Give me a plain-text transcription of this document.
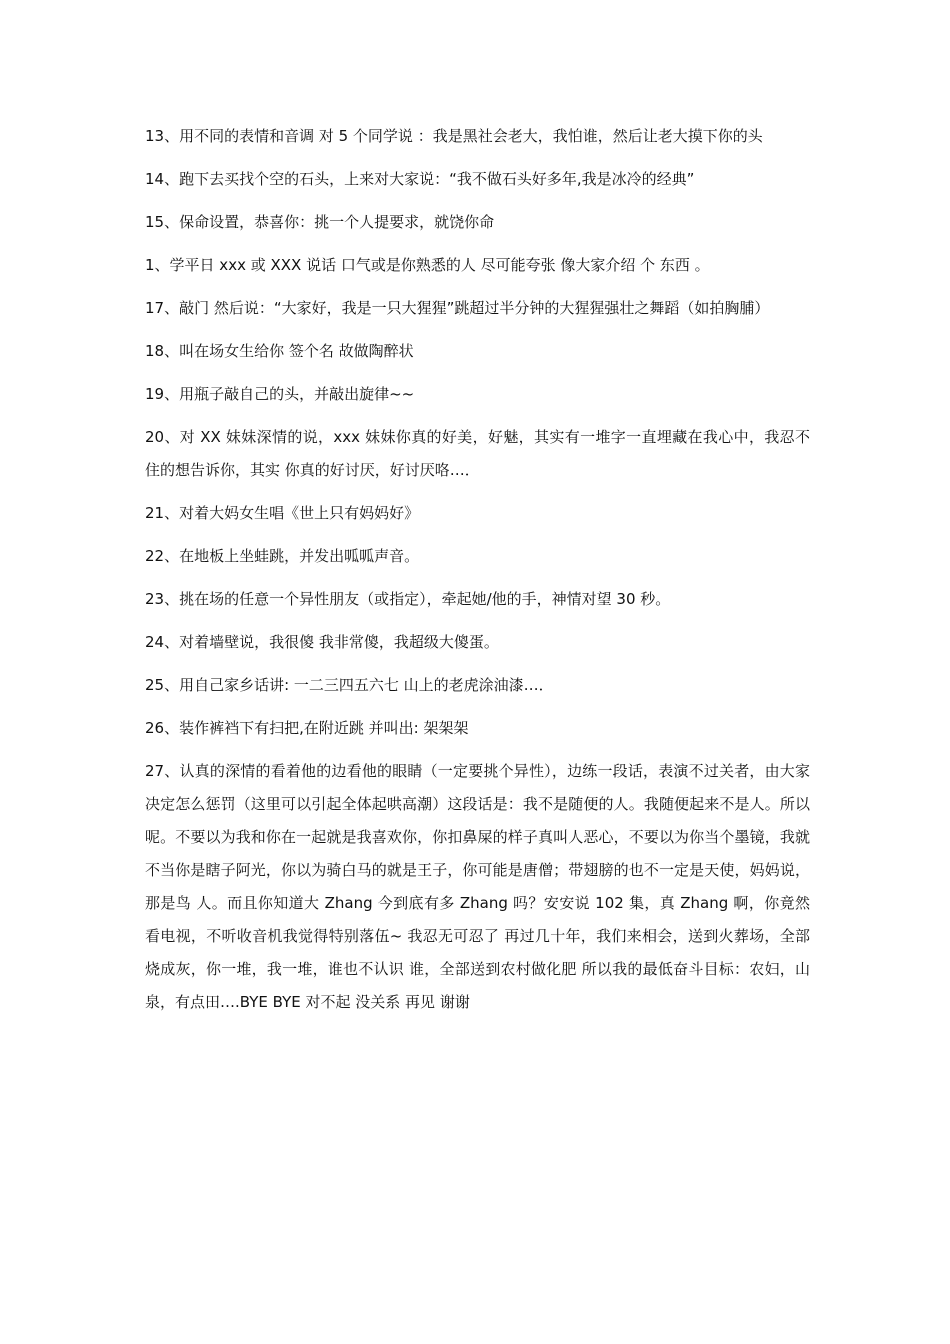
13、用不同的表情和音调 对 5 个同学说 ：我是黑社会老大，我怕谁，然后让老大摸下你的头

14、跑下去买找个空的石头，上来对大家说：“我不做石头好多年,我是冰冷的经典”

15、保命设置，恭喜你：挑一个人提要求，就饶你命

1、学平日 xxx 或 XXX 说话 口气或是你熟悉的人 尽可能夸张 像大家介绍 个 东西 。

17、敲门 然后说：“大家好，我是一只大猩猩”跳超过半分钟的大猩猩强壮之舞蹈（如拍胸脯）

18、叫在场女生给你 签个名 故做陶醉状

19、用瓶子敲自己的头，并敲出旋律~~

20、对 XX 妹妹深情的说，xxx 妹妹你真的好美，好魅，其实有一堆字一直埋藏在我心中，我忍不住的想告诉你，其实 你真的好讨厌，好讨厌咯…．

21、对着大妈女生唱《世上只有妈妈好》

22、在地板上坐蛙跳，并发出呱呱声音。

23、挑在场的任意一个异性朋友（或指定），牵起她/他的手，神情对望 30 秒。

24、对着墙壁说，我很傻 我非常傻，我超级大傻蛋。

25、用自己家乡话讲: 一二三四五六七 山上的老虎涂油漆…．

26、装作裤裆下有扫把,在附近跳 并叫出: 架架架

27、认真的深情的看着他的边看他的眼睛（一定要挑个异性），边练一段话，表演不过关者，由大家决定怎么惩罚（这里可以引起全体起哄高潮）这段话是：我不是随便的人。我随便起来不是人。所以呢。不要以为我和你在一起就是我喜欢你，你扣鼻屎的样子真叫人恶心，不要以为你当个墨镜，我就不当你是瞎子阿光，你以为骑白马的就是王子，你可能是唐僧；带翅膀的也不一定是天使，妈妈说，那是鸟 人。而且你知道大 Zhang 今到底有多 Zhang 吗？安安说 102 集，真 Zhang 啊，你竟然看电视，不听收音机我觉得特别落伍~ 我忍无可忍了 再过几十年，我们来相会，送到火葬场，全部烧成灰，你一堆，我一堆，谁也不认识 谁，全部送到农村做化肥 所以我的最低奋斗目标：农妇，山泉，有点田….BYE BYE 对不起 没关系 再见 谢谢
